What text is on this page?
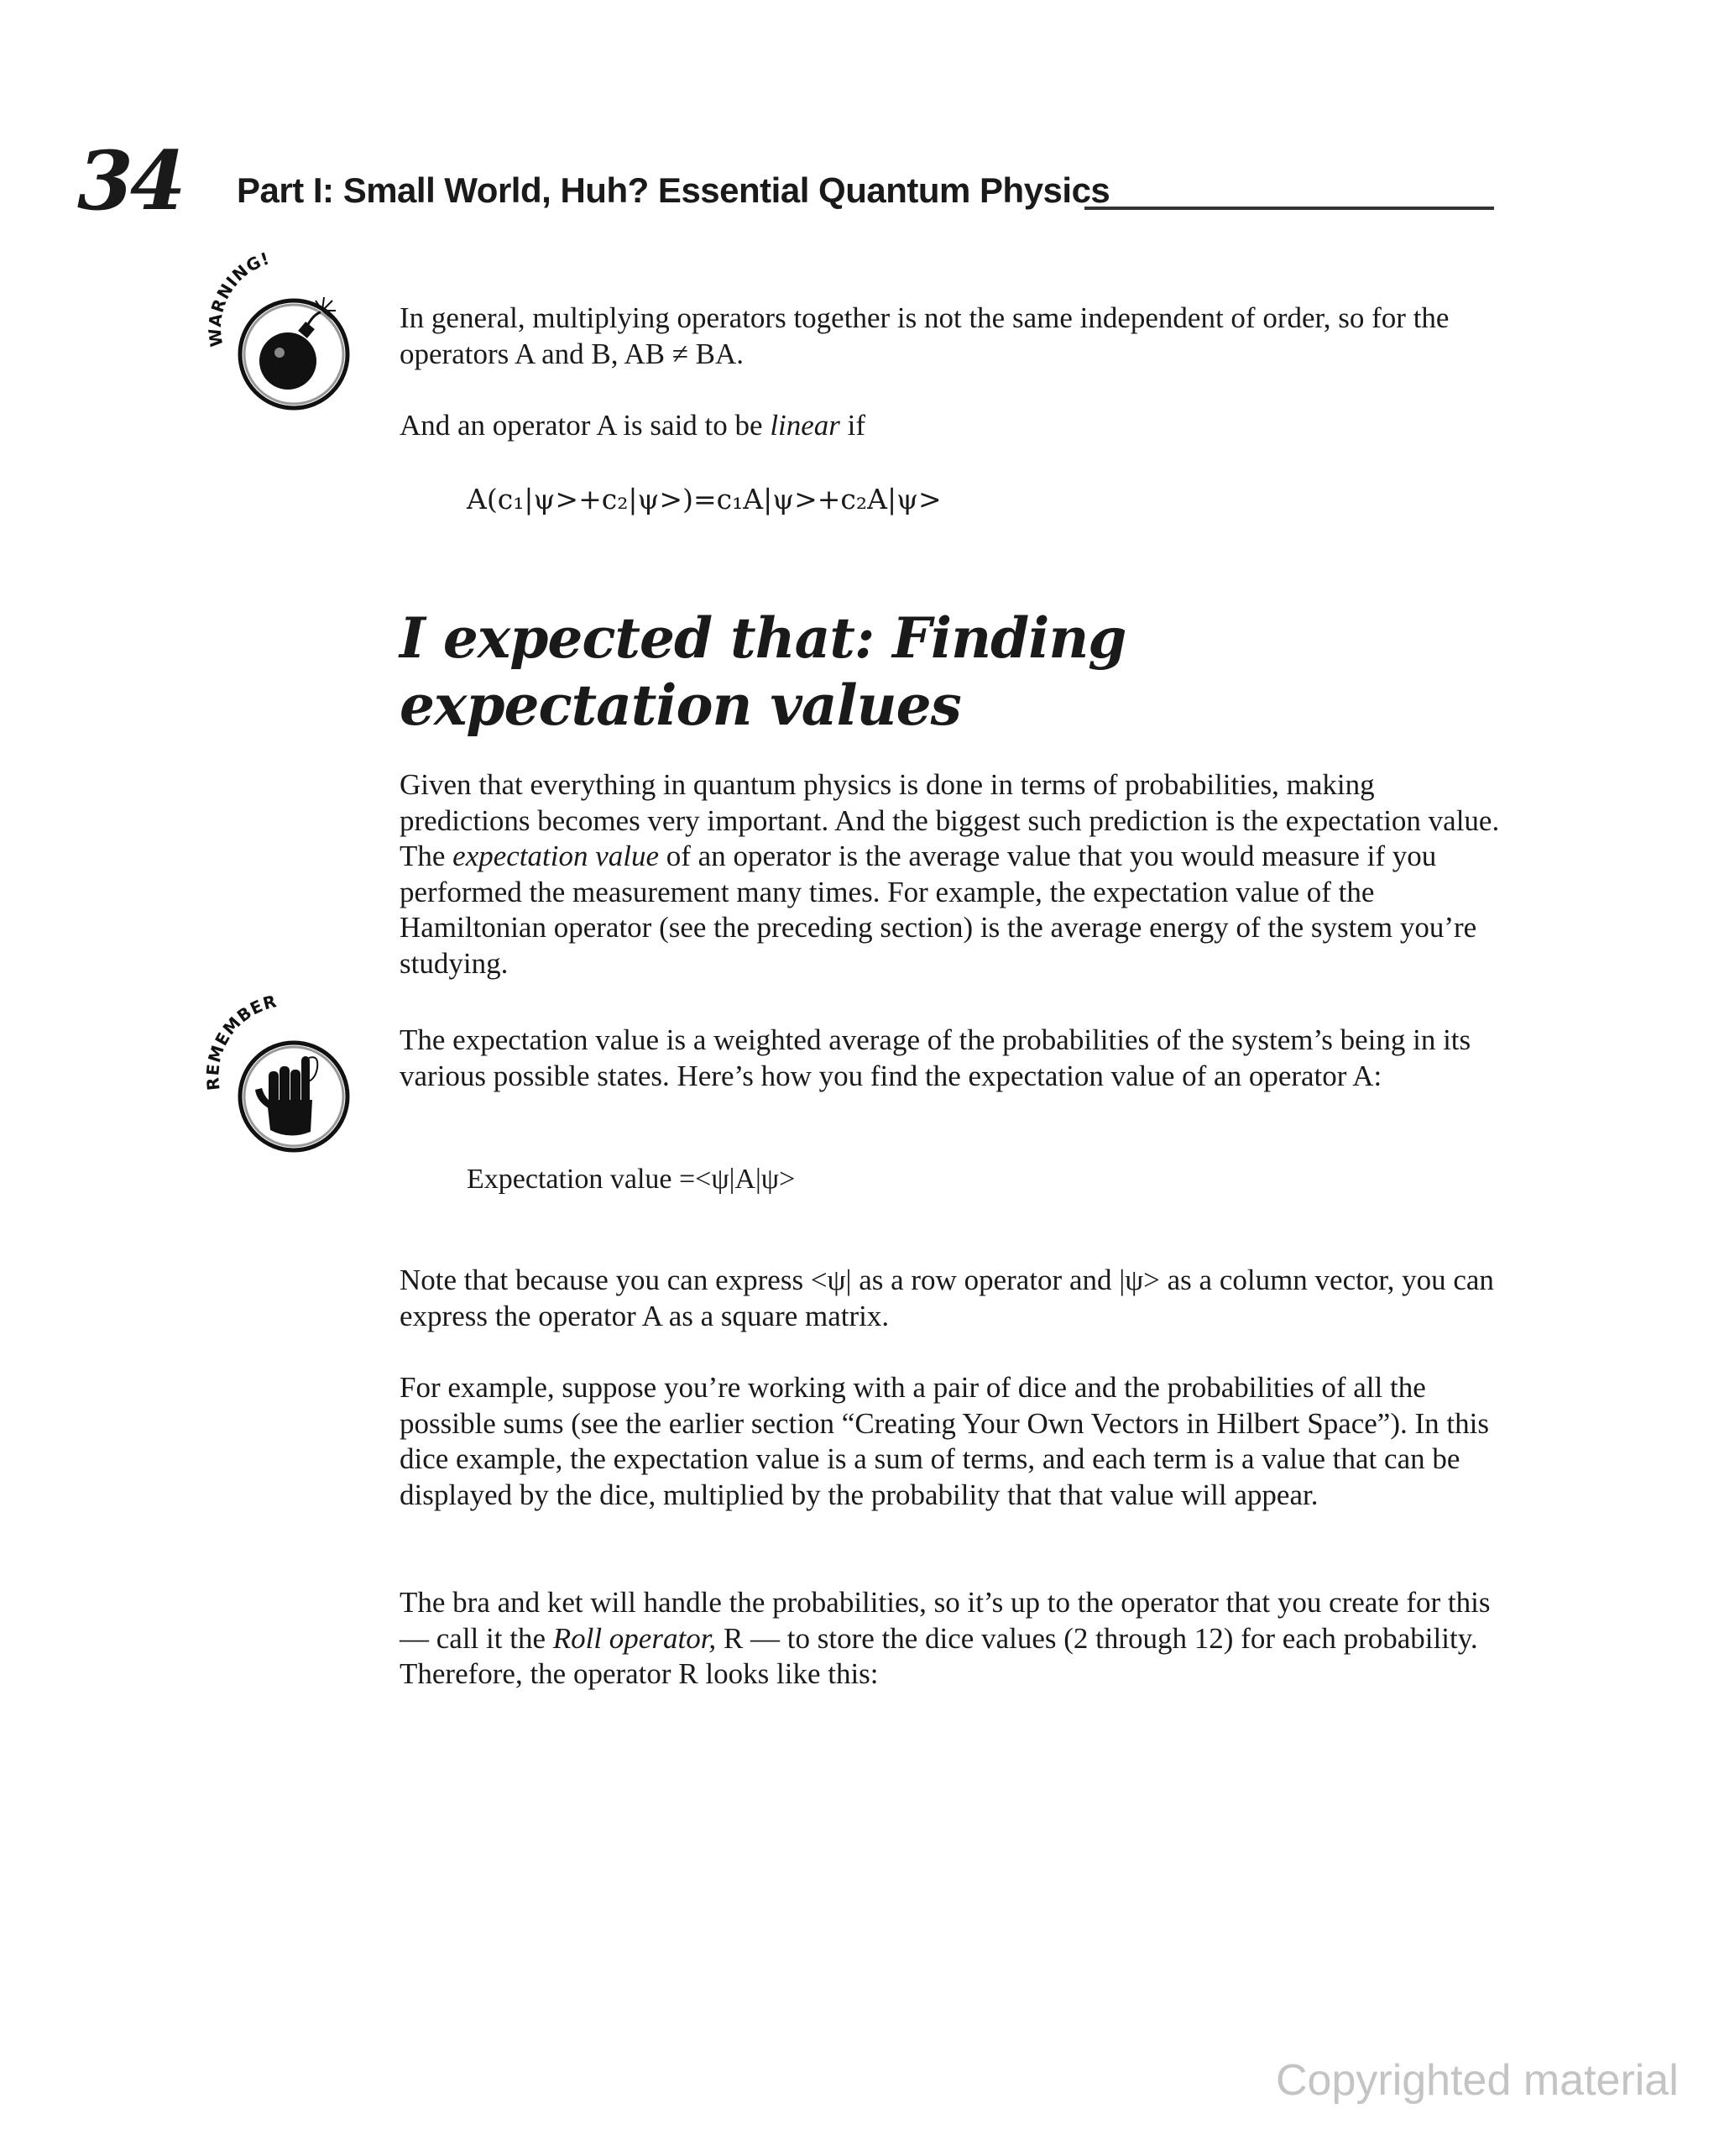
34 Part I: Small World, Huh? Essential Quantum Physics
WARNING!

In general, multiplying operators together is not the same independent of order, so for the operators A and B, AB ≠ BA.

And an operator A is said to be linear if

A(c₁|ψ>+c₂|ψ>)=c₁A|ψ>+c₂A|ψ>
I expected that: Finding
expectation values

Given that everything in quantum physics is done in terms of probabilities, making predictions becomes very important. And the biggest such prediction is the expectation value. The expectation value of an operator is the average value that you would measure if you performed the measurement many times. For example, the expectation value of the Hamiltonian operator (see the preceding section) is the average energy of the system you’re studying.

REMEMBER

The expectation value is a weighted average of the probabilities of the system’s being in its various possible states. Here’s how you find the expectation value of an operator A:

Expectation value =<ψ|A|ψ>

Note that because you can express <ψ| as a row operator and |ψ> as a column vector, you can express the operator A as a square matrix.

For example, suppose you’re working with a pair of dice and the probabilities of all the possible sums (see the earlier section “Creating Your Own Vectors in Hilbert Space”). In this dice example, the expectation value is a sum of terms, and each term is a value that can be displayed by the dice, multiplied by the probability that that value will appear.

The bra and ket will handle the probabilities, so it’s up to the operator that you create for this — call it the Roll operator, R — to store the dice values (2 through 12) for each probability. Therefore, the operator R looks like this:

Copyrighted material
